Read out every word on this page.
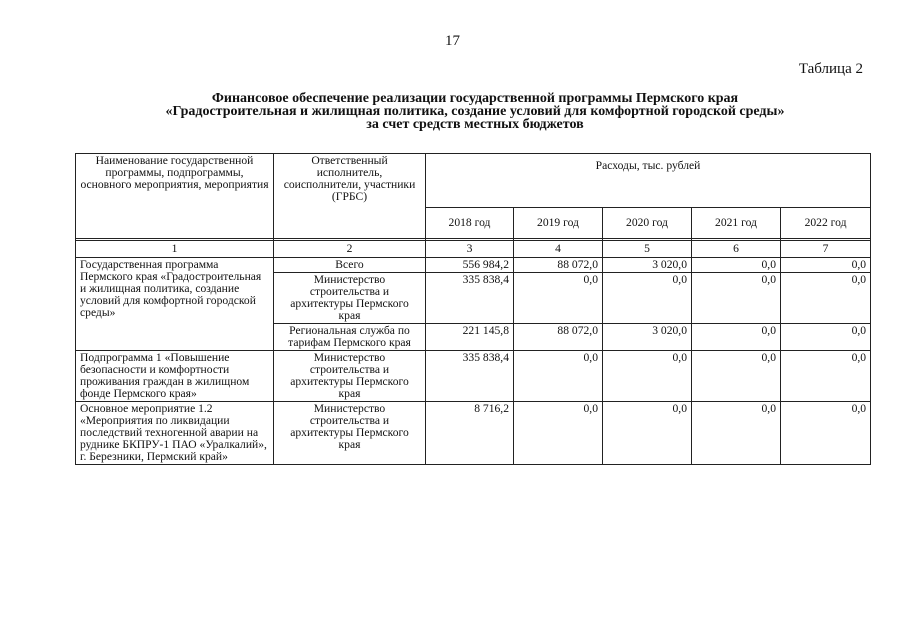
17
Таблица 2
Финансовое обеспечение реализации государственной программы Пермского края
«Градостроительная и жилищная политика, создание условий для комфортной городской среды»
за счет средств местных бюджетов
Наименование государственной программы, подпрограммы, основного мероприятия, мероприятия	Ответственный исполнитель, соисполнители, участники (ГРБС)	Расходы, тыс. рублей				
		2018 год	2019 год	2020 год	2021 год	2022 год

1	2	3	4	5	6	7
Государственная программа Пермского края «Градостроительная и жилищная политика, создание условий для комфортной городской среды»	Всего	556 984,2	88 072,0	3 020,0	0,0	0,0
	Министерство строительства и архитектуры Пермского края	335 838,4	0,0	0,0	0,0	0,0
	Региональная служба по тарифам Пермского края	221 145,8	88 072,0	3 020,0	0,0	0,0
Подпрограмма 1 «Повышение безопасности и комфортности проживания граждан в жилищном фонде Пермского края»	Министерство строительства и архитектуры Пермского края	335 838,4	0,0	0,0	0,0	0,0
Основное мероприятие 1.2 «Мероприятия по ликвидации последствий техногенной аварии на руднике БКПРУ-1 ПАО «Уралкалий», г. Березники, Пермский край»	Министерство строительства и архитектуры Пермского края	8 716,2	0,0	0,0	0,0	0,0
